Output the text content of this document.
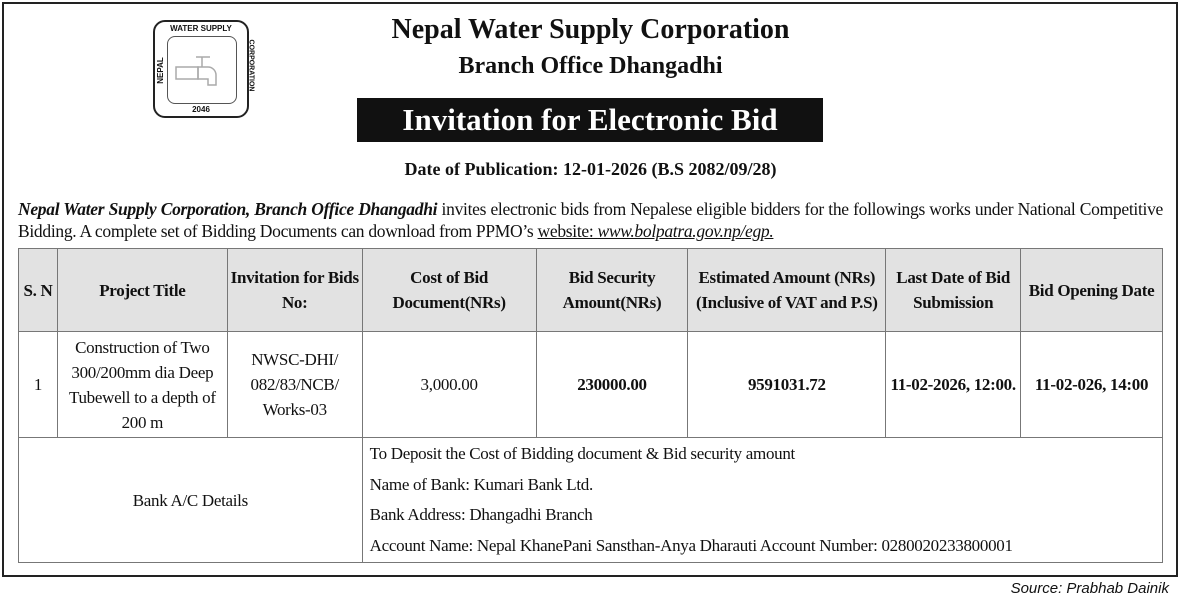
WATER SUPPLY
NEPAL	CORPORATION
2046
Nepal Water Supply Corporation
Branch Office Dhangadhi
Invitation for Electronic Bid
Date of Publication: 12-01-2026 (B.S 2082/09/28)
Nepal Water Supply Corporation, Branch Office Dhangadhi invites electronic bids from Nepalese eligible bidders for the followings works under National Competitive Bidding. A complete set of Bidding Documents can download from PPMO’s website: www.bolpatra.gov.np/egp.
S. N	Project Title	Invitation for Bids No:	Cost of Bid Document(NRs)	Bid Security Amount(NRs)	Estimated Amount (NRs) (Inclusive of VAT and P.S)	Last Date of Bid Submission	Bid Opening Date
1	Construction of Two 300/200mm dia Deep Tubewell to a depth of 200 m	NWSC-DHI/ 082/83/NCB/ Works-03	3,000.00	230000.00	9591031.72	11-02-2026, 12:00.	11-02-026, 14:00
Bank A/C Details			To Deposit the Cost of Bidding document & Bid security amount
Name of Bank: Kumari Bank Ltd.
Bank Address: Dhangadhi Branch
Account Name: Nepal KhanePani Sansthan-Anya Dharauti Account Number: 0280020233800001				
Source: Prabhab Dainik
